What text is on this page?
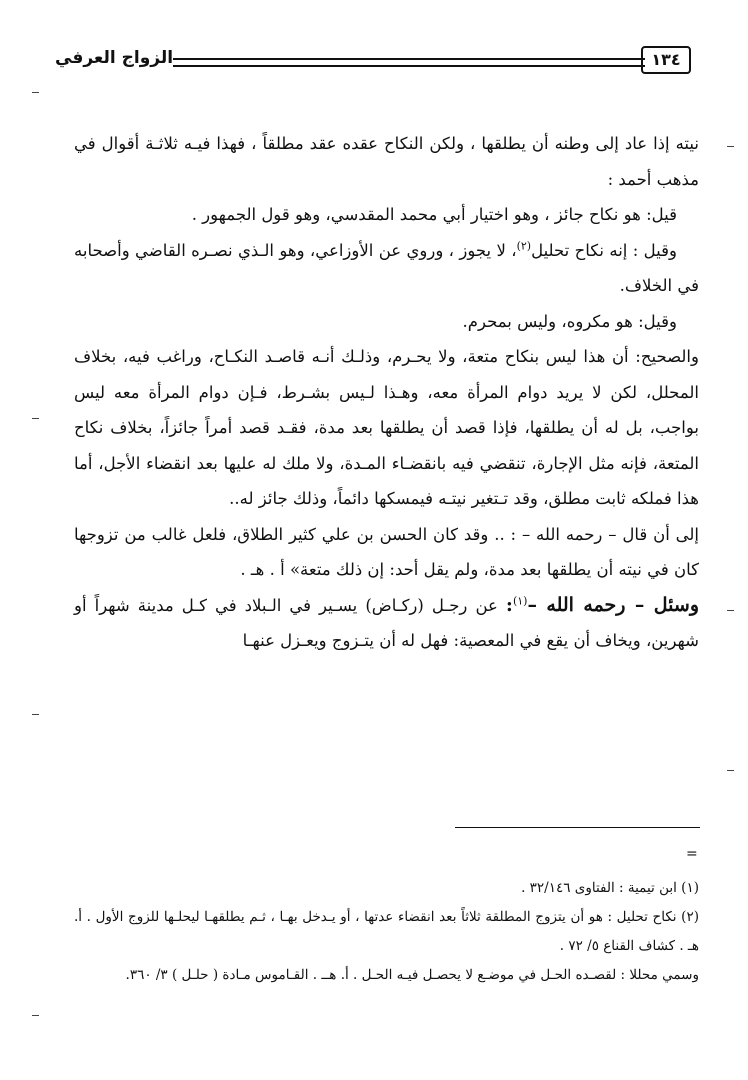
الزواج العرفي	١٣٤

نيته إذا عاد إلى وطنه أن يطلقها ، ولكن النكاح عقده عقد مطلقاً ، فهذا فيـه ثلاثـة أقوال في مذهب أحمد :

قيل: هو نكاح جائز ، وهو اختيار أبي محمد المقدسي، وهو قول الجمهور .

وقيل : إنه نكاح تحليل$^{(٢)}$، لا يجوز ، وروي عن الأوزاعي، وهو الـذي نصـره القاضي وأصحابه في الخلاف.

وقيل: هو مكروه، وليس بمحرم.

والصحيح: أن هذا ليس بنكاح متعة، ولا يحـرم، وذلـك أنـه قاصـد النكـاح، وراغب فيه، بخلاف المحلل، لكن لا يريد دوام المرأة معه، وهـذا لـيس بشـرط، فـإن دوام المرأة معه ليس بواجب، بل له أن يطلقها، فإذا قصد أن يطلقها بعد مدة، فقـد قصد أمراً جائزاً، بخلاف نكاح المتعة، فإنه مثل الإجارة، تنقضي فيه بانقضـاء المـدة، ولا ملك له عليها بعد انقضاء الأجل، أما هذا فملكه ثابت مطلق، وقد تـتغير نيتـه فيمسكها دائماً، وذلك جائز له..

إلى أن قال – رحمه الله – : .. وقد كان الحسن بن علي كثير الطلاق، فلعل غالب من تزوجها كان في نيته أن يطلقها بعد مدة، ولم يقل أحد: إن ذلك متعة» أ . هـ .

وسئل – رحمه الله –$^{(١)}$: عن رجـل (ركـاض) يسـير في الـبلاد في كـل مدينة شهراً أو شهرين، ويخاف أن يقع في المعصية: فهل له أن يتـزوج ويعـزل عنهـا

=

(١) ابن تيمية : الفتاوى ٣٢/١٤٦ .

(٢) نكاح تحليل : هو أن يتزوج المطلقة ثلاثاً بعد انقضاء عدتها ، أو يـدخل بهـا ، ثـم يطلقهـا ليحلـها للزوج الأول . أ. هـ . كشاف القناع ٥/ ٧٢ .

وسمي محللا : لقصـده الحـل في موضـع لا يحصـل فيـه الحـل . أ. هــ . القـاموس مـادة ( حلـل ) ٣/ ٣٦٠.
